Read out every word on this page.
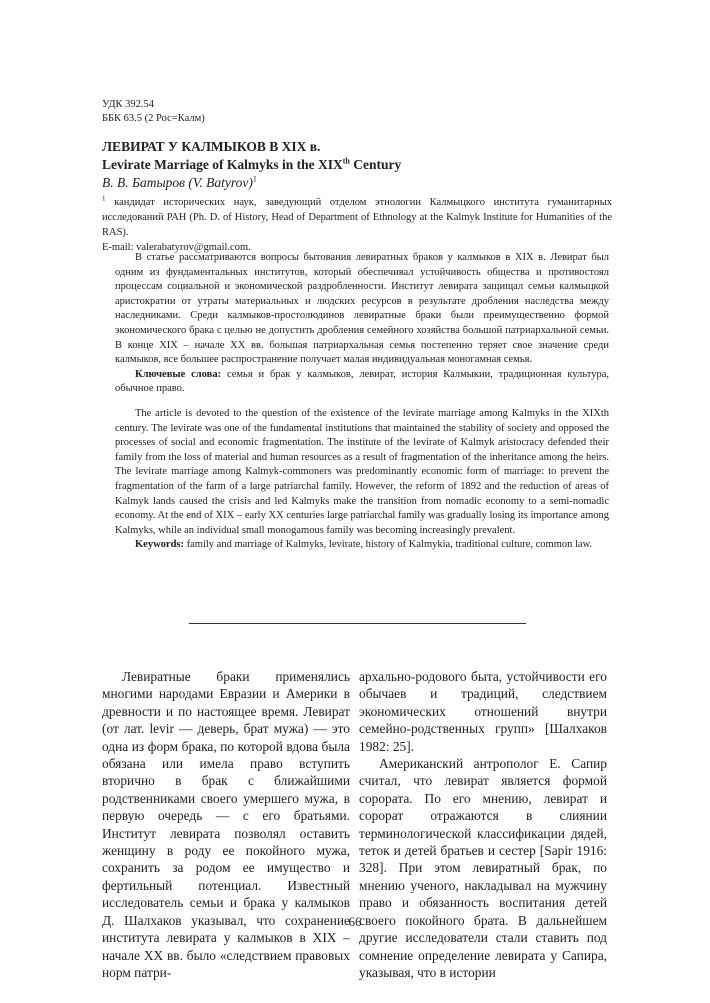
УДК 392.54
ББК 63.5 (2 Рос=Калм)

ЛЕВИРАТ У КАЛМЫКОВ В XIX в.

Levirate Marriage of Kalmyks in the XIXth Century

В. В. Батыров (V. Batyrov)$^1$

$^1$ кандидат исторических наук, заведующий отделом этнологии Калмыцкого института гуманитарных исследований РАН (Ph. D. of History, Head of Department of Ethnology at the Kalmyk Institute for Humanities of the RAS).
E-mail: valerabatyrov@gmail.com.

В статье рассматриваются вопросы бытования левиратных браков у калмыков в XIX в. Левират был одним из фундаментальных институтов, который обеспечивал устойчивость общества и противостоял процессам социальной и экономической раздробленности. Институт левирата защищал семьи калмыцкой аристократии от утраты материальных и людских ресурсов в результате дробления наследства между наследниками. Среди калмыков-простолюдинов левиратные браки были преимущественно формой экономического брака с целью не допустить дробления семейного хозяйства большой патриархальной семьи. В конце XIX – начале XX вв. большая патриархальная семья постепенно теряет свое значение среди калмыков, все большее распространение получает малая индивидуальная моногамная семья.

Ключевые слова: семья и брак у калмыков, левират, история Калмыкии, традиционная культура, обычное право.

The article is devoted to the question of the existence of the levirate marriage among Kalmyks in the XIXth century. The levirate was one of the fundamental institutions that maintained the stability of society and opposed the processes of social and economic fragmentation. The institute of the levirate of Kalmyk aristocracy defended their family from the loss of material and human resources as a result of fragmentation of the inheritance among the heirs. The levirate marriage among Kalmyk-commoners was predominantly economic form of marriage: to prevent the fragmentation of the farm of a large patriarchal family. However, the reform of 1892 and the reduction of areas of Kalmyk lands caused the crisis and led Kalmyks make the transition from nomadic economy to a semi-nomadic economy. At the end of XIX – early XX centuries large patriarchal family was gradually losing its importance among Kalmyks, while an individual small monogamous family was becoming increasingly prevalent.

Keywords: family and marriage of Kalmyks, levirate, history of Kalmykia, traditional culture, common law.

Левиратные браки применялись многими народами Евразии и Америки в древности и по настоящее время. Левират (от лат. levir — деверь, брат мужа) — это одна из форм брака, по которой вдова была обязана или имела право вступить вторично в брак с ближайшими родственниками своего умершего мужа, в первую очередь — с его братьями. Институт левирата позволял оставить женщину в роду ее покойного мужа, сохранить за родом ее имущество и фертильный потенциал. Известный исследователь семьи и брака у калмыков Д. Шалхаков указывал, что сохранение института левирата у калмыков в XIX – начале XX вв. было «следствием правовых норм патри-

архально-родового быта, устойчивости его обычаев и традиций, следствием экономических отношений внутри семейно-родственных групп» [Шалхаков 1982: 25].

Американский антрополог Е. Сапир считал, что левират является формой сорората. По его мнению, левират и сорорат отражаются в слиянии терминологической классификации дядей, теток и детей братьев и сестер [Sapir 1916: 328]. При этом левиратный брак, по мнению ученого, накладывал на мужчину право и обязанность воспитания детей своего покойного брата. В дальнейшем другие исследователи стали ставить под сомнение определение левирата у Сапира, указывая, что в истории

66
